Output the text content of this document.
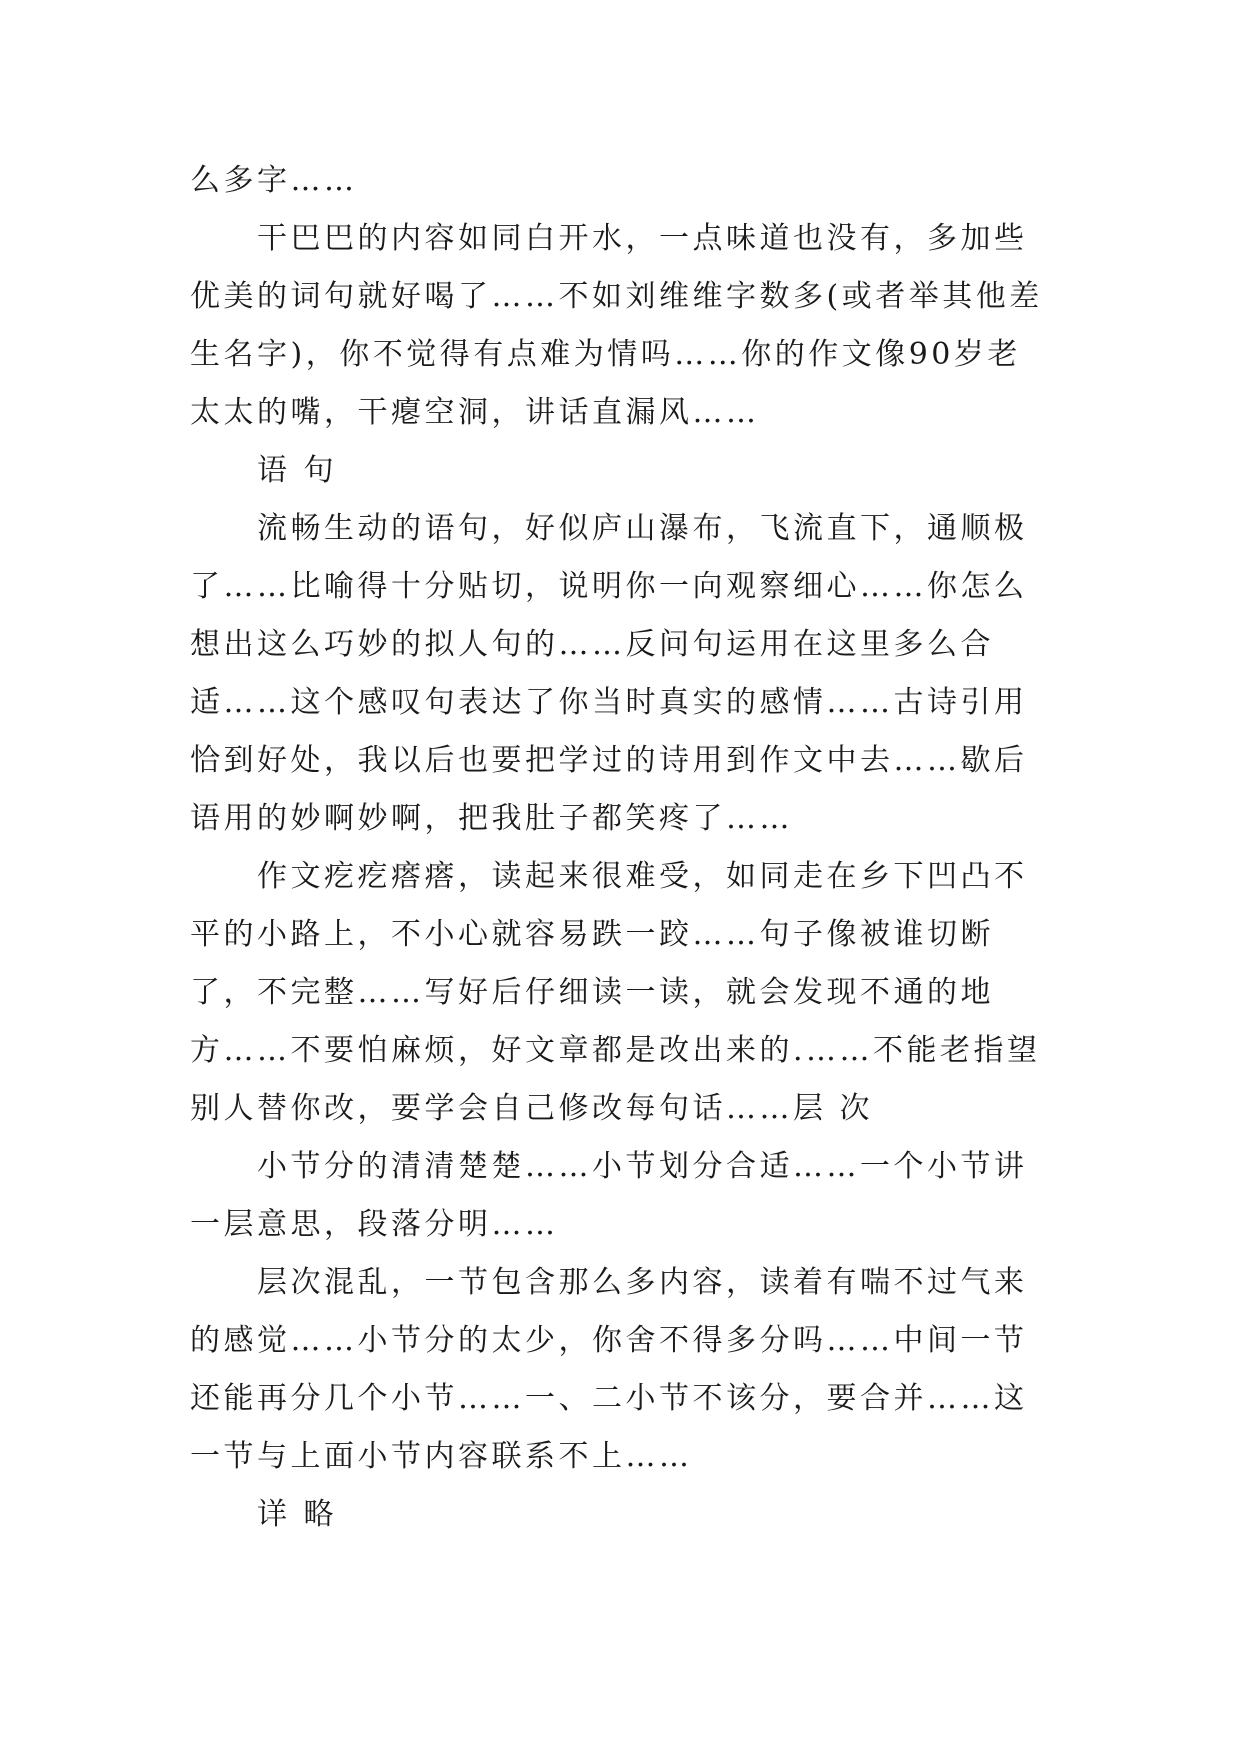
么多字……

　　干巴巴的内容如同白开水，一点味道也没有，多加些优美的词句就好喝了……不如刘维维字数多(或者举其他差生名字)，你不觉得有点难为情吗……你的作文像90岁老太太的嘴，干瘪空洞，讲话直漏风……

　　语 句

　　流畅生动的语句，好似庐山瀑布，飞流直下，通顺极了……比喻得十分贴切，说明你一向观察细心……你怎么想出这么巧妙的拟人句的……反问句运用在这里多么合适……这个感叹句表达了你当时真实的感情……古诗引用恰到好处，我以后也要把学过的诗用到作文中去……歇后语用的妙啊妙啊，把我肚子都笑疼了……

　　作文疙疙瘩瘩，读起来很难受，如同走在乡下凹凸不平的小路上，不小心就容易跌一跤……句子像被谁切断了，不完整……写好后仔细读一读，就会发现不通的地方……不要怕麻烦，好文章都是改出来的.……不能老指望别人替你改，要学会自己修改每句话……层 次

　　小节分的清清楚楚……小节划分合适……一个小节讲一层意思，段落分明……

　　层次混乱，一节包含那么多内容，读着有喘不过气来的感觉……小节分的太少，你舍不得多分吗……中间一节还能再分几个小节……一、二小节不该分，要合并……这一节与上面小节内容联系不上……

　　详 略
